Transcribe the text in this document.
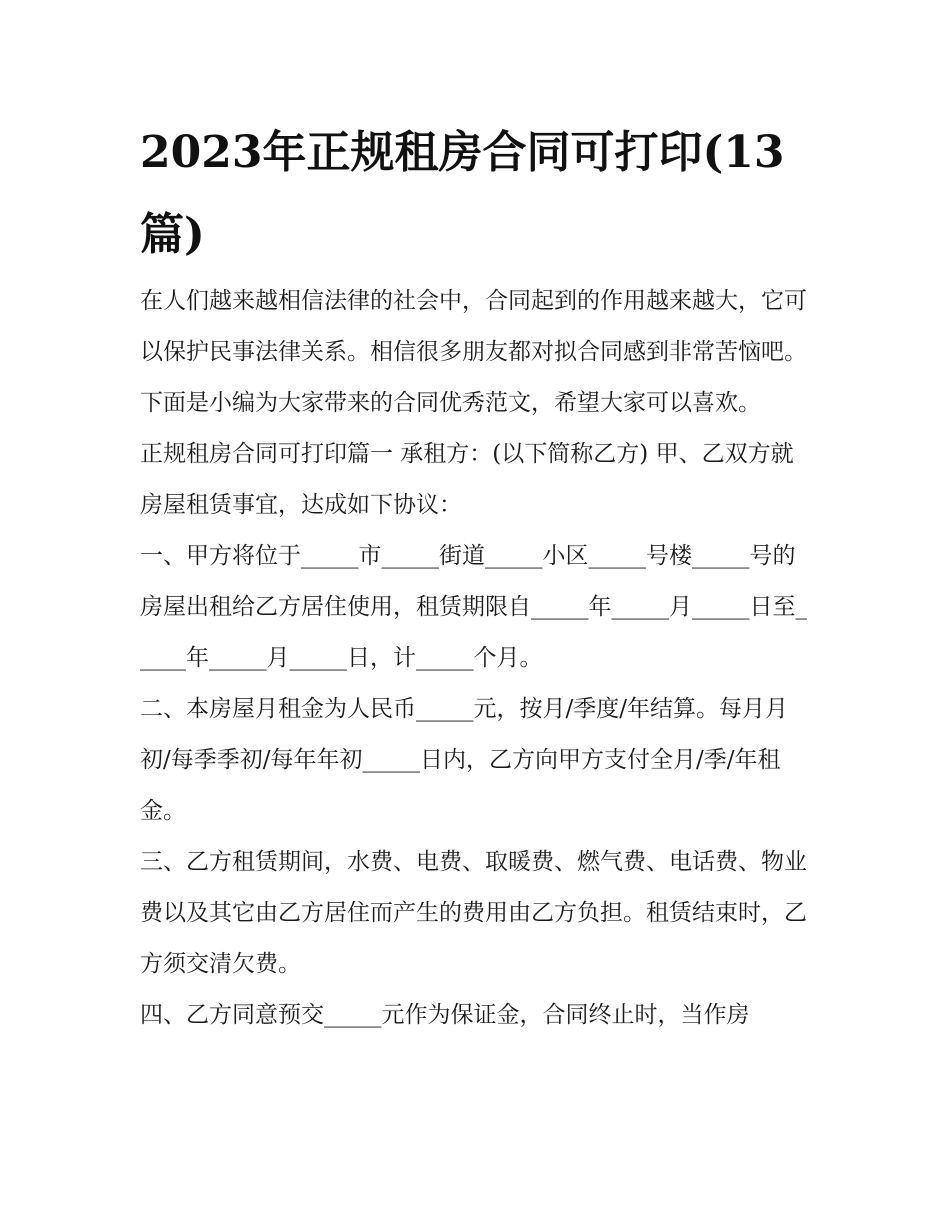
2023年正规租房合同可打印(13篇)

在人们越来越相信法律的社会中，合同起到的作用越来越大，它可以保护民事法律关系。相信很多朋友都对拟合同感到非常苦恼吧。下面是小编为大家带来的合同优秀范文，希望大家可以喜欢。

正规租房合同可打印篇一 承租方：(以下简称乙方) 甲、乙双方就房屋租赁事宜，达成如下协议：

一、甲方将位于_____市_____街道_____小区_____号楼_____号的房屋出租给乙方居住使用，租赁期限自_____年_____月_____日至_____年_____月_____日，计_____个月。

二、本房屋月租金为人民币_____元，按月/季度/年结算。每月月初/每季季初/每年年初_____日内，乙方向甲方支付全月/季/年租金。

三、乙方租赁期间，水费、电费、取暖费、燃气费、电话费、物业费以及其它由乙方居住而产生的费用由乙方负担。租赁结束时，乙方须交清欠费。

四、乙方同意预交_____元作为保证金，合同终止时，当作房
